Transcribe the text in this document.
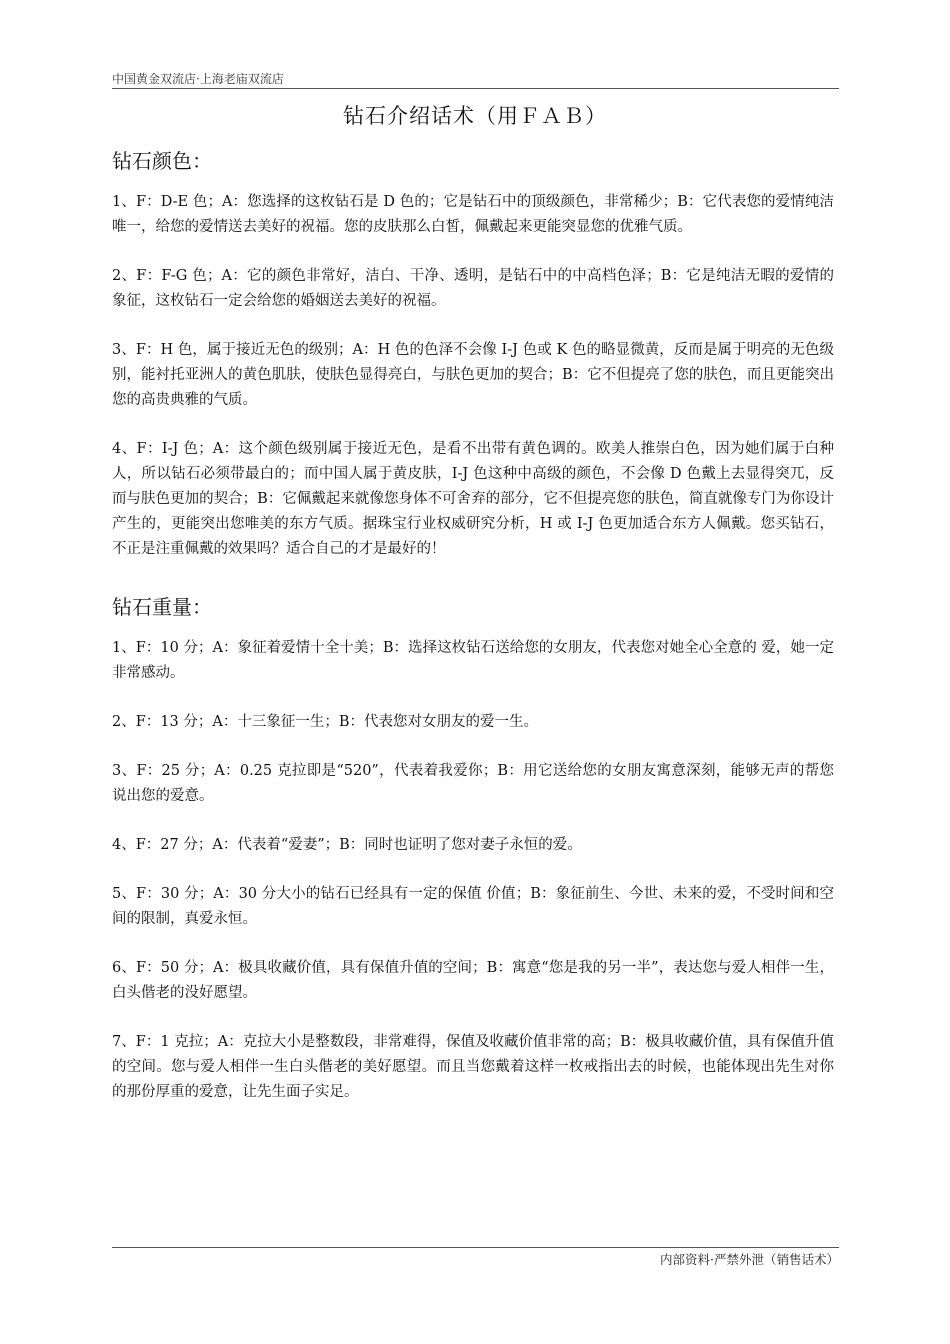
中国黄金双流店·上海老庙双流店
钻石介绍话术（用ＦＡＢ）
钻石颜色：

1、F：D-E 色；A：您选择的这枚钻石是 D 色的；它是钻石中的顶级颜色，非常稀少；B：它代表您的爱情纯洁唯一，给您的爱情送去美好的祝福。您的皮肤那么白皙，佩戴起来更能突显您的优雅气质。

2、F：F-G 色；A：它的颜色非常好，洁白、干净、透明，是钻石中的中高档色泽；B：它是纯洁无暇的爱情的象征，这枚钻石一定会给您的婚姻送去美好的祝福。

3、F：H 色，属于接近无色的级别；A：H 色的色泽不会像 I-J 色或 K 色的略显微黄，反而是属于明亮的无色级别，能衬托亚洲人的黄色肌肤，使肤色显得亮白，与肤色更加的契合；B：它不但提亮了您的肤色，而且更能突出您的高贵典雅的气质。

4、F：I-J 色；A：这个颜色级别属于接近无色，是看不出带有黄色调的。欧美人推崇白色，因为她们属于白种人，所以钻石必须带最白的；而中国人属于黄皮肤，I-J 色这种中高级的颜色，不会像 D 色戴上去显得突兀，反而与肤色更加的契合；B：它佩戴起来就像您身体不可舍弃的部分，它不但提亮您的肤色，简直就像专门为你设计产生的，更能突出您唯美的东方气质。据珠宝行业权威研究分析，H 或 I-J 色更加适合东方人佩戴。您买钻石，不正是注重佩戴的效果吗？适合自己的才是最好的！

钻石重量：

1、F：10 分；A：象征着爱情十全十美；B：选择这枚钻石送给您的女朋友，代表您对她全心全意的 爱，她一定非常感动。

2、F：13 分；A：十三象征一生；B：代表您对女朋友的爱一生。

3、F：25 分；A：0.25 克拉即是“520”，代表着我爱你；B：用它送给您的女朋友寓意深刻，能够无声的帮您说出您的爱意。

4、F：27 分；A：代表着“爱妻”；B：同时也证明了您对妻子永恒的爱。

5、F：30 分；A：30 分大小的钻石已经具有一定的保值 价值；B：象征前生、今世、未来的爱，不受时间和空间的限制，真爱永恒。

6、F：50 分；A：极具收藏价值，具有保值升值的空间；B：寓意“您是我的另一半”，表达您与爱人相伴一生，白头偕老的没好愿望。

7、F：1 克拉；A：克拉大小是整数段，非常难得，保值及收藏价值非常的高；B：极具收藏价值，具有保值升值的空间。您与爱人相伴一生白头偕老的美好愿望。而且当您戴着这样一枚戒指出去的时候，也能体现出先生对你的那份厚重的爱意，让先生面子实足。

内部资料·严禁外泄（销售话术）
